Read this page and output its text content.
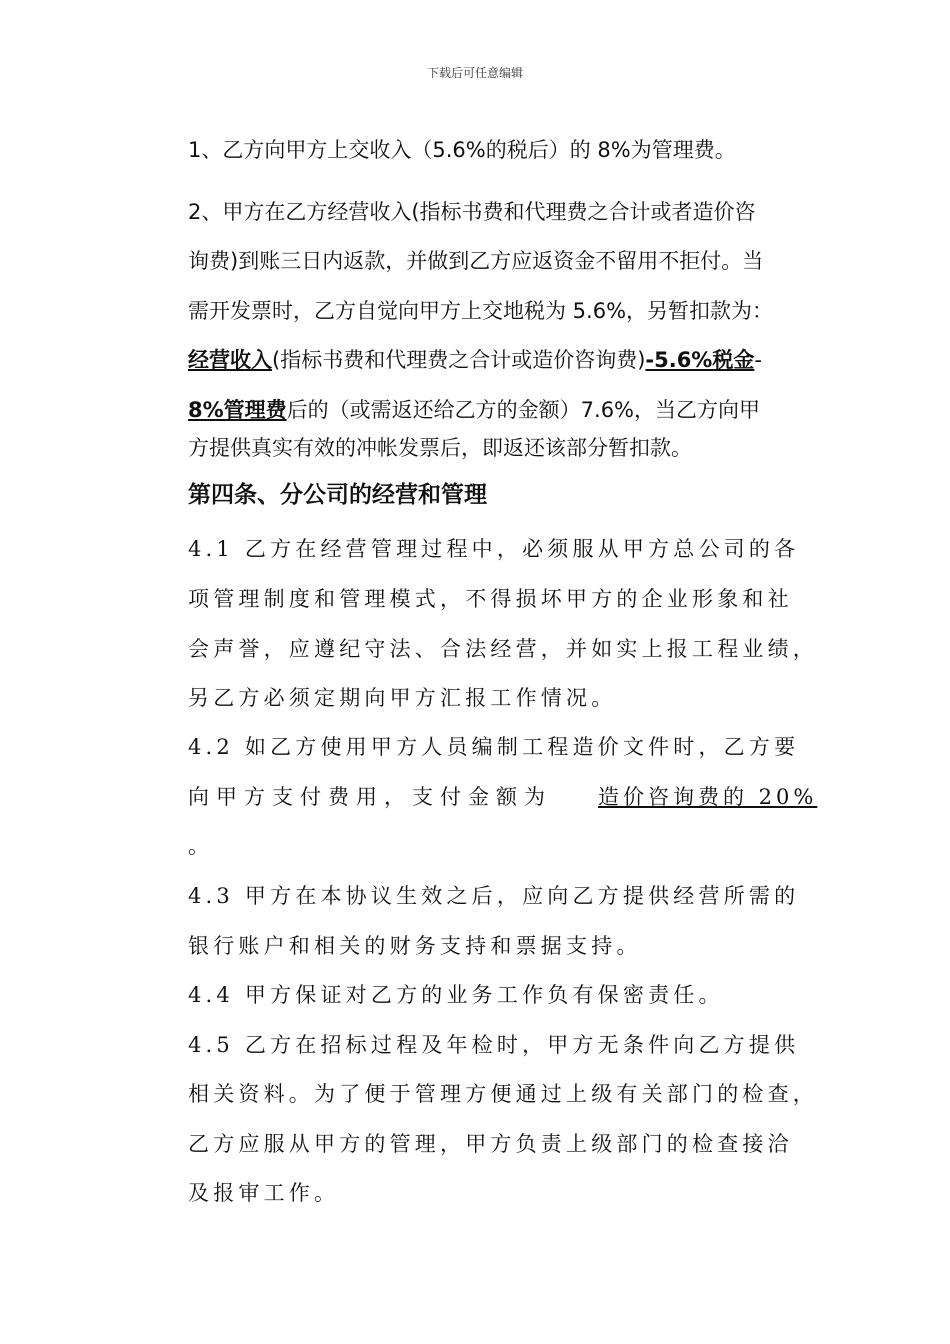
下载后可任意编辑
1、乙方向甲方上交收入（5.6%的税后）的 8%为管理费。
2、甲方在乙方经营收入(指标书费和代理费之合计或者造价咨
询费)到账三日内返款，并做到乙方应返资金不留用不拒付。当
需开发票时，乙方自觉向甲方上交地税为 5.6%，另暂扣款为：
经营收入(指标书费和代理费之合计或造价咨询费)-5.6%税金-
8%管理费后的（或需返还给乙方的金额）7.6%，当乙方向甲
方提供真实有效的冲帐发票后，即返还该部分暂扣款。
第四条、分公司的经营和管理
4.1 乙方在经营管理过程中，必须服从甲方总公司的各
项管理制度和管理模式，不得损坏甲方的企业形象和社
会声誉，应遵纪守法、合法经营，并如实上报工程业绩，
另乙方必须定期向甲方汇报工作情况。
4.2 如乙方使用甲方人员编制工程造价文件时，乙方要
向甲方支付费用，支付金额为 造价咨询费的 20%
。
4.3 甲方在本协议生效之后，应向乙方提供经营所需的
银行账户和相关的财务支持和票据支持。
4.4 甲方保证对乙方的业务工作负有保密责任。
4.5 乙方在招标过程及年检时，甲方无条件向乙方提供
相关资料。为了便于管理方便通过上级有关部门的检查，
乙方应服从甲方的管理，甲方负责上级部门的检查接洽
及报审工作。
